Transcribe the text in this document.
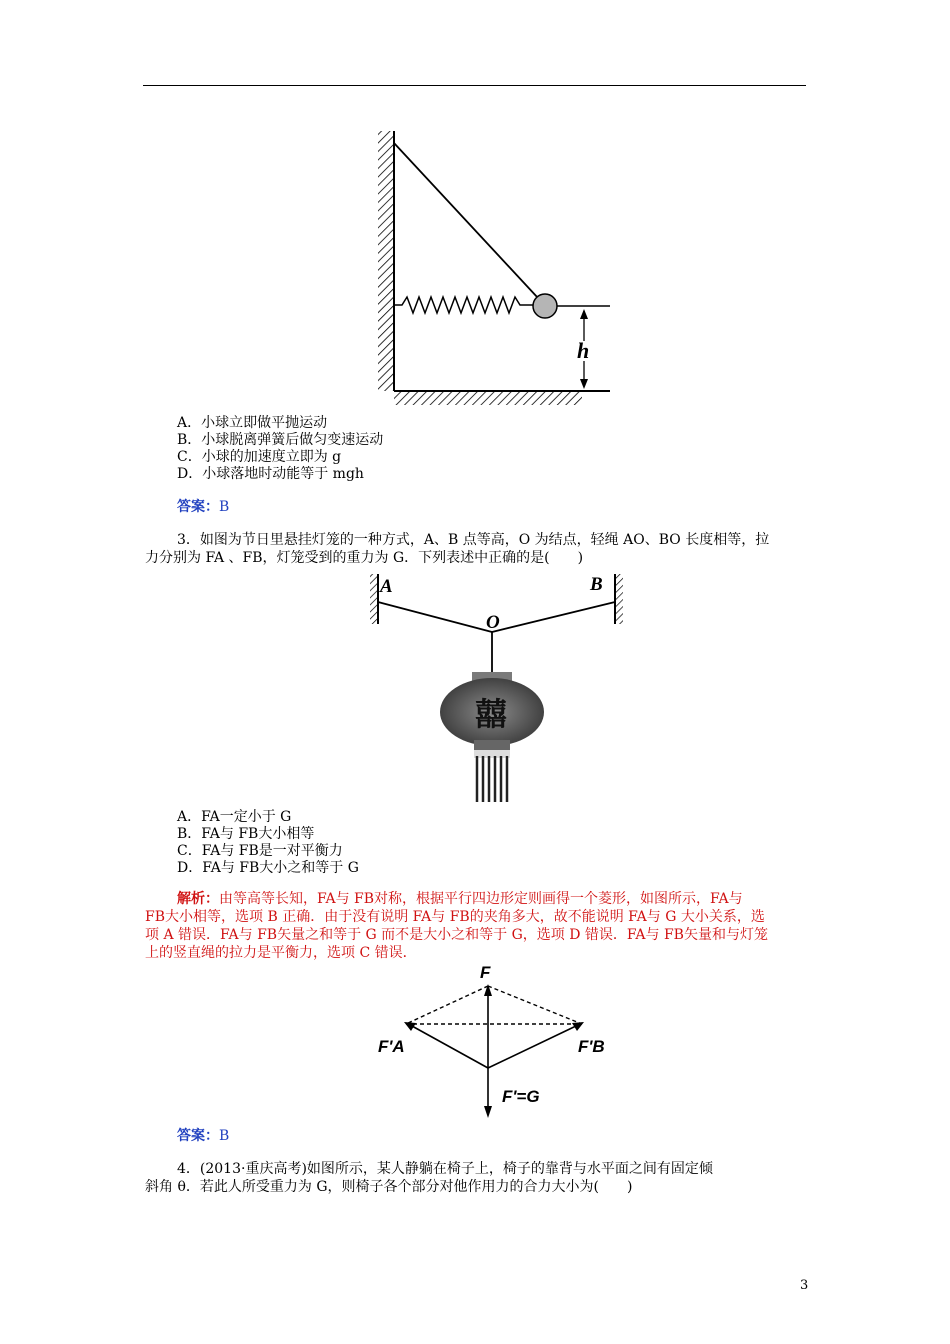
h
A．小球立即做平抛运动
B．小球脱离弹簧后做匀变速运动
C．小球的加速度立即为 g
D．小球落地时动能等于 mgh
答案：B
3．如图为节日里悬挂灯笼的一种方式，A、B 点等高，O 为结点，轻绳 AO、BO 长度相等，拉
力分别为 FA 、FB，灯笼受到的重力为 G．下列表述中正确的是(　　)
A	B
O
囍
A．FA一定小于 G
B．FA与 FB大小相等
C．FA与 FB是一对平衡力
D．FA与 FB大小之和等于 G
解析：由等高等长知，FA与 FB对称，根据平行四边形定则画得一个菱形，如图所示，FA与
FB大小相等，选项 B 正确．由于没有说明 FA与 FB的夹角多大，故不能说明 FA与 G 大小关系，选
项 A 错误．FA与 FB矢量之和等于 G 而不是大小之和等于 G，选项 D 错误．FA与 FB矢量和与灯笼
上的竖直绳的拉力是平衡力，选项 C 错误．
F
F'A	F'B
F'=G
答案：B
4．(2013·重庆高考)如图所示，某人静躺在椅子上，椅子的靠背与水平面之间有固定倾
斜角 θ．若此人所受重力为 G，则椅子各个部分对他作用力的合力大小为(　　)
3
